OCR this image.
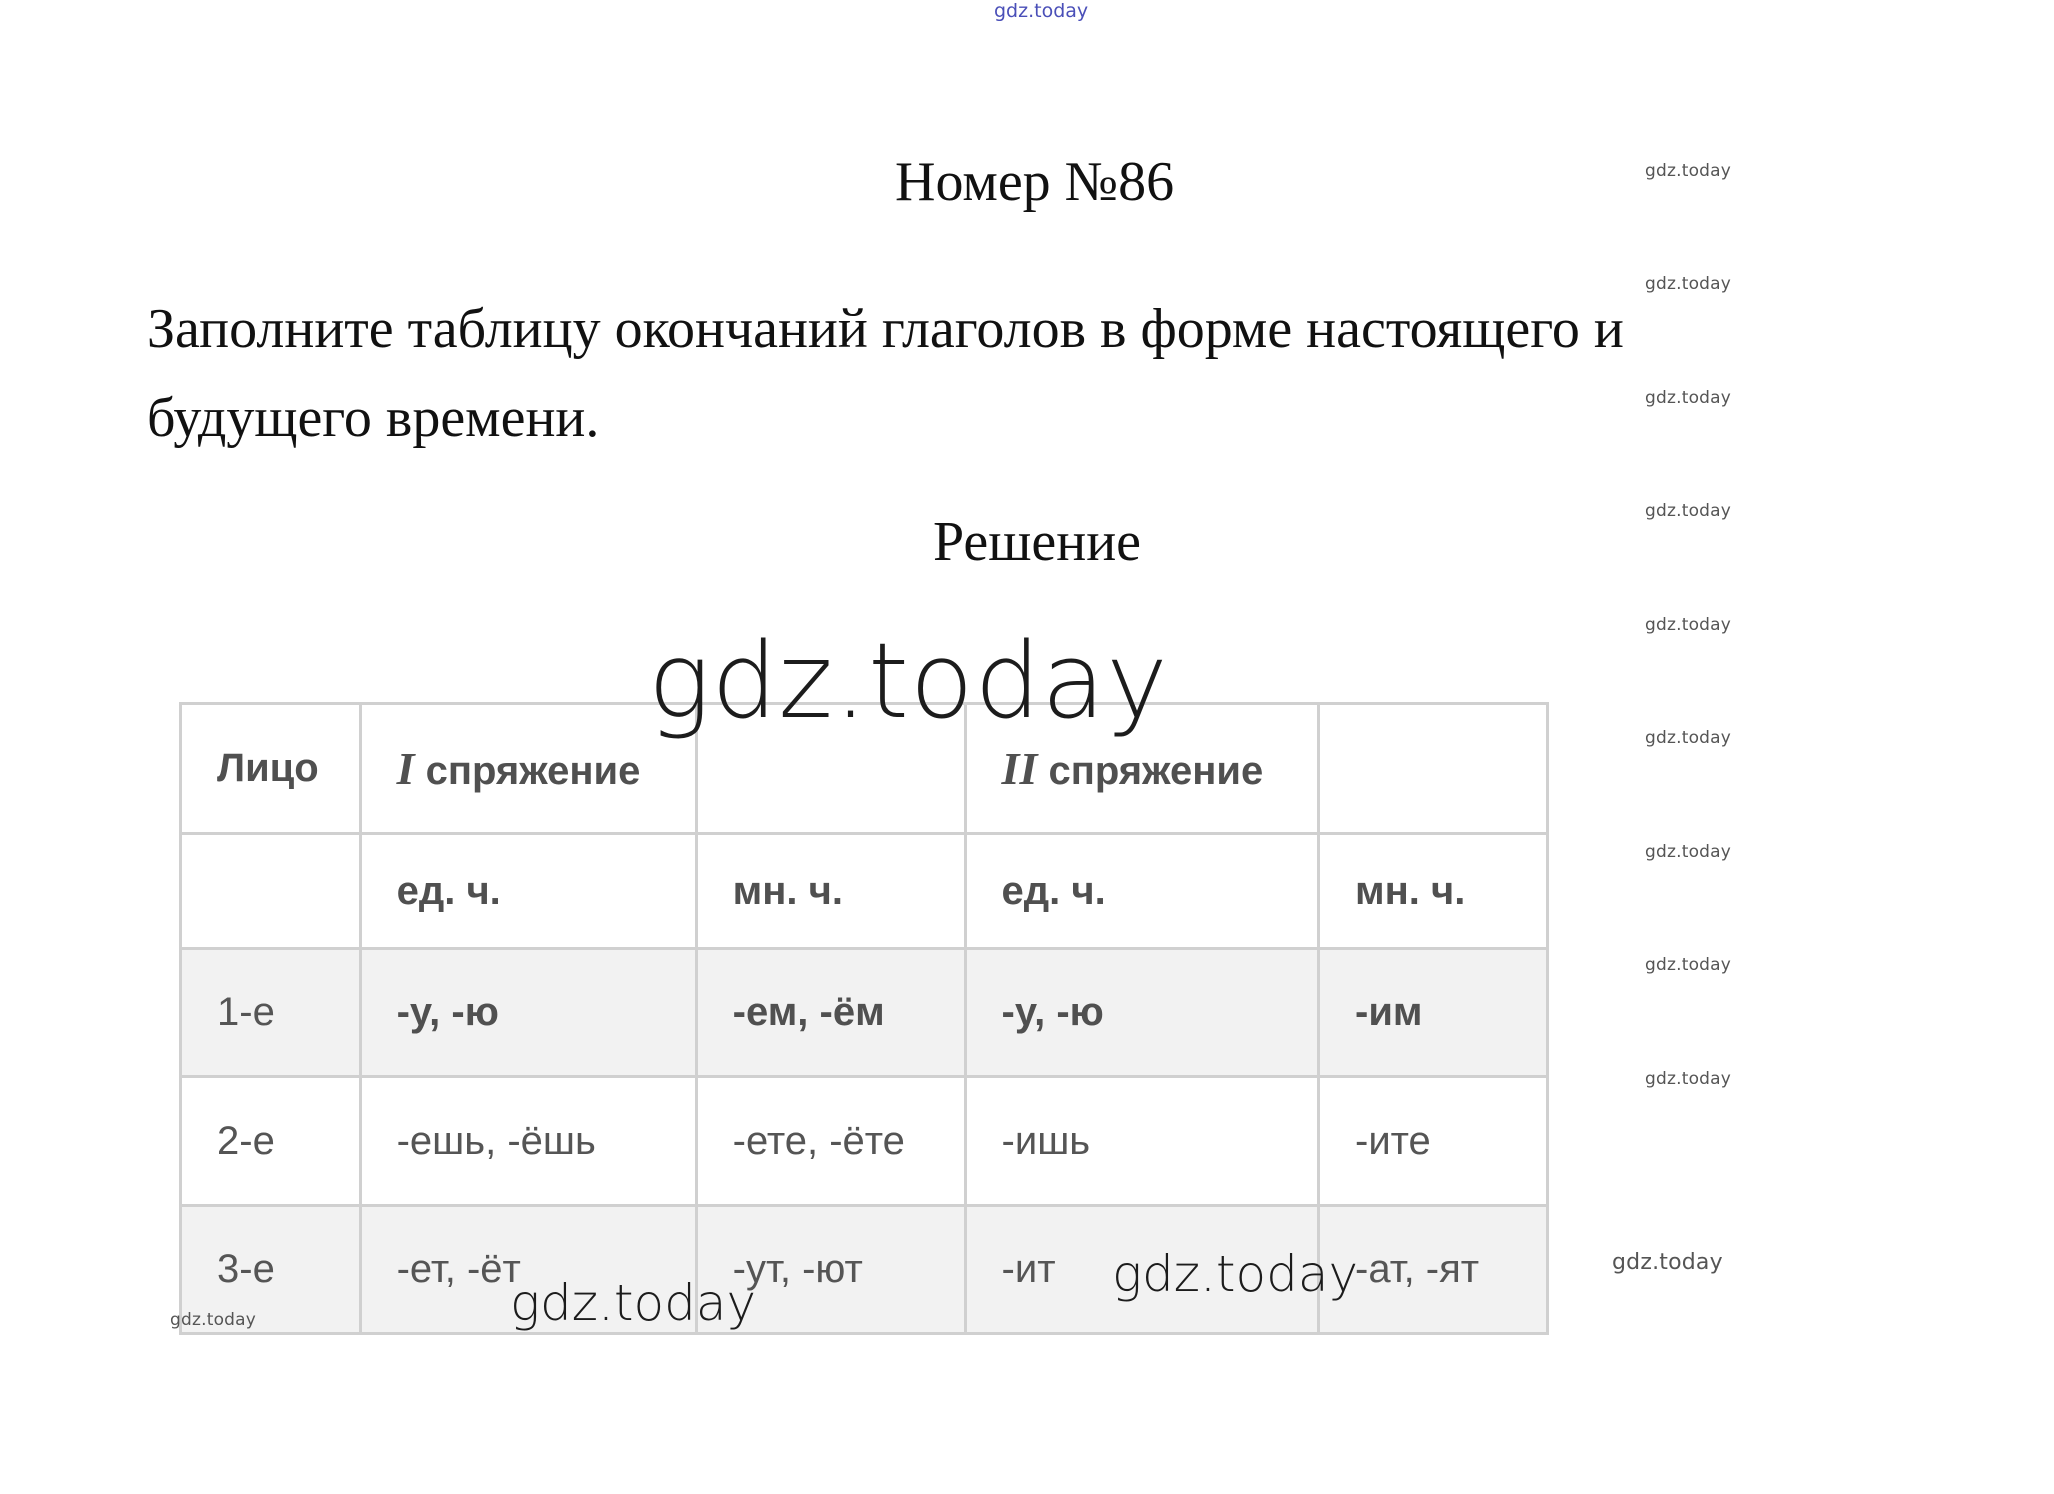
gdz.today
gdz.today
gdz.today
gdz.today
gdz.today
gdz.today
gdz.today
gdz.today
gdz.today
gdz.today
Номер №86
Заполните таблицу окончаний глаголов в форме настоящего и будущего времени.
Решение
Лицо	I спряжение		II спряжение	
	ед. ч.	мн. ч.	ед. ч.	мн. ч.
1-е	-у, -ю	-ем, -ём	-у, -ю	-им
2-е	-ешь, -ёшь	-ете, -ёте	-ишь	-ите
3-е	-ет, -ёт	-ут, -ют	-ит	-ат, -ят
gdz.today
gdz.today
gdz.today	gdz.today	gdz.today
